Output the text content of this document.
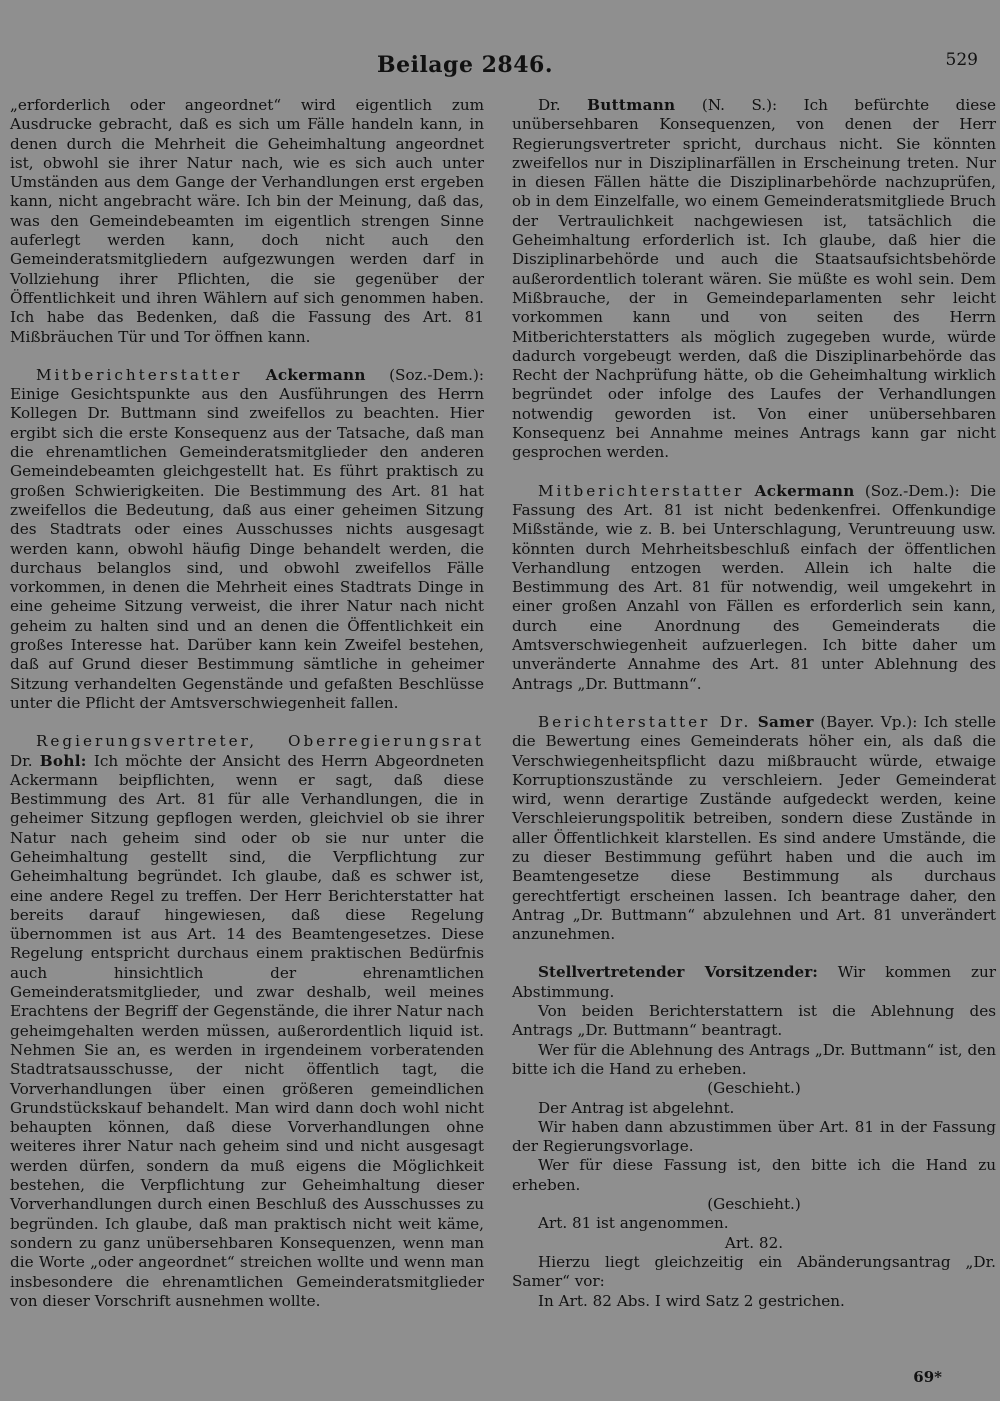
Beilage 2846.	529

„erforderlich oder angeordnet“ wird eigentlich zum Ausdrucke gebracht, daß es sich um Fälle handeln kann, in denen durch die Mehrheit die Geheimhaltung angeordnet ist, obwohl sie ihrer Natur nach, wie es sich auch unter Umständen aus dem Gange der Verhandlungen erst ergeben kann, nicht angebracht wäre. Ich bin der Meinung, daß das, was den Gemeindebeamten im eigentlich strengen Sinne auferlegt werden kann, doch nicht auch den Gemeinderatsmitgliedern aufgezwungen werden darf in Vollziehung ihrer Pflichten, die sie gegenüber der Öffentlichkeit und ihren Wählern auf sich genommen haben. Ich habe das Bedenken, daß die Fassung des Art. 81 Mißbräuchen Tür und Tor öffnen kann.

Mitberichterstatter Ackermann (Soz.-Dem.): Einige Gesichtspunkte aus den Ausführungen des Herrn Kollegen Dr. Buttmann sind zweifellos zu beachten. Hier ergibt sich die erste Konsequenz aus der Tatsache, daß man die ehrenamtlichen Gemeinderatsmitglieder den anderen Gemeindebeamten gleichgestellt hat. Es führt praktisch zu großen Schwierigkeiten. Die Bestimmung des Art. 81 hat zweifellos die Bedeutung, daß aus einer geheimen Sitzung des Stadtrats oder eines Ausschusses nichts ausgesagt werden kann, obwohl häufig Dinge behandelt werden, die durchaus belanglos sind, und obwohl zweifellos Fälle vorkommen, in denen die Mehrheit eines Stadtrats Dinge in eine geheime Sitzung verweist, die ihrer Natur nach nicht geheim zu halten sind und an denen die Öffentlichkeit ein großes Interesse hat. Darüber kann kein Zweifel bestehen, daß auf Grund dieser Bestimmung sämtliche in geheimer Sitzung verhandelten Gegenstände und gefaßten Beschlüsse unter die Pflicht der Amtsverschwiegenheit fallen.

Regierungsvertreter, Oberregierungsrat Dr. Bohl: Ich möchte der Ansicht des Herrn Abgeordneten Ackermann beipflichten, wenn er sagt, daß diese Bestimmung des Art. 81 für alle Verhandlungen, die in geheimer Sitzung gepflogen werden, gleichviel ob sie ihrer Natur nach geheim sind oder ob sie nur unter die Geheimhaltung gestellt sind, die Verpflichtung zur Geheimhaltung begründet. Ich glaube, daß es schwer ist, eine andere Regel zu treffen. Der Herr Berichterstatter hat bereits darauf hingewiesen, daß diese Regelung übernommen ist aus Art. 14 des Beamtengesetzes. Diese Regelung entspricht durchaus einem praktischen Bedürfnis auch hinsichtlich der ehrenamtlichen Gemeinderatsmitglieder, und zwar deshalb, weil meines Erachtens der Begriff der Gegenstände, die ihrer Natur nach geheimgehalten werden müssen, außerordentlich liquid ist. Nehmen Sie an, es werden in irgendeinem vorberatenden Stadtratsausschusse, der nicht öffentlich tagt, die Vorverhandlungen über einen größeren gemeindlichen Grundstückskauf behandelt. Man wird dann doch wohl nicht behaupten können, daß diese Vorverhandlungen ohne weiteres ihrer Natur nach geheim sind und nicht ausgesagt werden dürfen, sondern da muß eigens die Möglichkeit bestehen, die Verpflichtung zur Geheimhaltung dieser Vorverhandlungen durch einen Beschluß des Ausschusses zu begründen. Ich glaube, daß man praktisch nicht weit käme, sondern zu ganz unübersehbaren Konsequenzen, wenn man die Worte „oder angeordnet“ streichen wollte und wenn man insbesondere die ehrenamtlichen Gemeinderatsmitglieder von dieser Vorschrift ausnehmen wollte.

Dr. Buttmann (N. S.): Ich befürchte diese unübersehbaren Konsequenzen, von denen der Herr Regierungsvertreter spricht, durchaus nicht. Sie könnten zweifellos nur in Disziplinarfällen in Erscheinung treten. Nur in diesen Fällen hätte die Disziplinarbehörde nachzuprüfen, ob in dem Einzelfalle, wo einem Gemeinderatsmitgliede Bruch der Vertraulichkeit nachgewiesen ist, tatsächlich die Geheimhaltung erforderlich ist. Ich glaube, daß hier die Disziplinarbehörde und auch die Staatsaufsichtsbehörde außerordentlich tolerant wären. Sie müßte es wohl sein. Dem Mißbrauche, der in Gemeindeparlamenten sehr leicht vorkommen kann und von seiten des Herrn Mitberichterstatters als möglich zugegeben wurde, würde dadurch vorgebeugt werden, daß die Disziplinarbehörde das Recht der Nachprüfung hätte, ob die Geheimhaltung wirklich begründet oder infolge des Laufes der Verhandlungen notwendig geworden ist. Von einer unübersehbaren Konsequenz bei Annahme meines Antrags kann gar nicht gesprochen werden.

Mitberichterstatter Ackermann (Soz.-Dem.): Die Fassung des Art. 81 ist nicht bedenkenfrei. Offenkundige Mißstände, wie z. B. bei Unterschlagung, Veruntreuung usw. könnten durch Mehrheitsbeschluß einfach der öffentlichen Verhandlung entzogen werden. Allein ich halte die Bestimmung des Art. 81 für notwendig, weil umgekehrt in einer großen Anzahl von Fällen es erforderlich sein kann, durch eine Anordnung des Gemeinderats die Amtsverschwiegenheit aufzuerlegen. Ich bitte daher um unveränderte Annahme des Art. 81 unter Ablehnung des Antrags „Dr. Buttmann“.

Berichterstatter Dr. Samer (Bayer. Vp.): Ich stelle die Bewertung eines Gemeinderats höher ein, als daß die Verschwiegenheitspflicht dazu mißbraucht würde, etwaige Korruptionszustände zu verschleiern. Jeder Gemeinderat wird, wenn derartige Zustände aufgedeckt werden, keine Verschleierungspolitik betreiben, sondern diese Zustände in aller Öffentlichkeit klarstellen. Es sind andere Umstände, die zu dieser Bestimmung geführt haben und die auch im Beamtengesetze diese Bestimmung als durchaus gerechtfertigt erscheinen lassen. Ich beantrage daher, den Antrag „Dr. Buttmann“ abzulehnen und Art. 81 unverändert anzunehmen.

Stellvertretender Vorsitzender: Wir kommen zur Abstimmung.

Von beiden Berichterstattern ist die Ablehnung des Antrags „Dr. Buttmann“ beantragt.

Wer für die Ablehnung des Antrags „Dr. Buttmann“ ist, den bitte ich die Hand zu erheben.

(Geschieht.)

Der Antrag ist abgelehnt.

Wir haben dann abzustimmen über Art. 81 in der Fassung der Regierungsvorlage.

Wer für diese Fassung ist, den bitte ich die Hand zu erheben.

(Geschieht.)

Art. 81 ist angenommen.

Art. 82.

Hierzu liegt gleichzeitig ein Abänderungsantrag „Dr. Samer“ vor:

In Art. 82 Abs. I wird Satz 2 gestrichen.

69*
